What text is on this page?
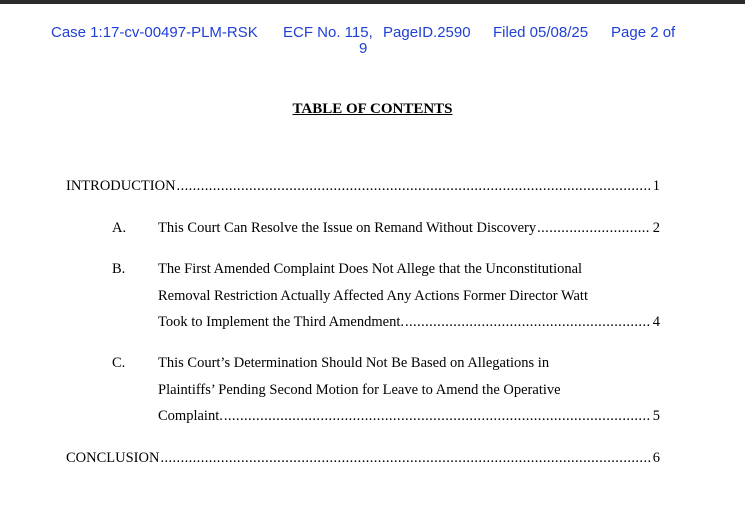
Case 1:17-cv-00497-PLM-RSK ECF No. 115, PageID.2590 Filed 05/08/25 Page 2 of
9
TABLE OF CONTENTS
INTRODUCTION .....	1
A. This Court Can Resolve the Issue on Remand Without Discovery .....	2
B. The First Amended Complaint Does Not Allege that the Unconstitutional
Removal Restriction Actually Affected Any Actions Former Director Watt
Took to Implement the Third Amendment. .....	4
C. This Court’s Determination Should Not Be Based on Allegations in
Plaintiffs’ Pending Second Motion for Leave to Amend the Operative
Complaint. .....	5
CONCLUSION .....	6
